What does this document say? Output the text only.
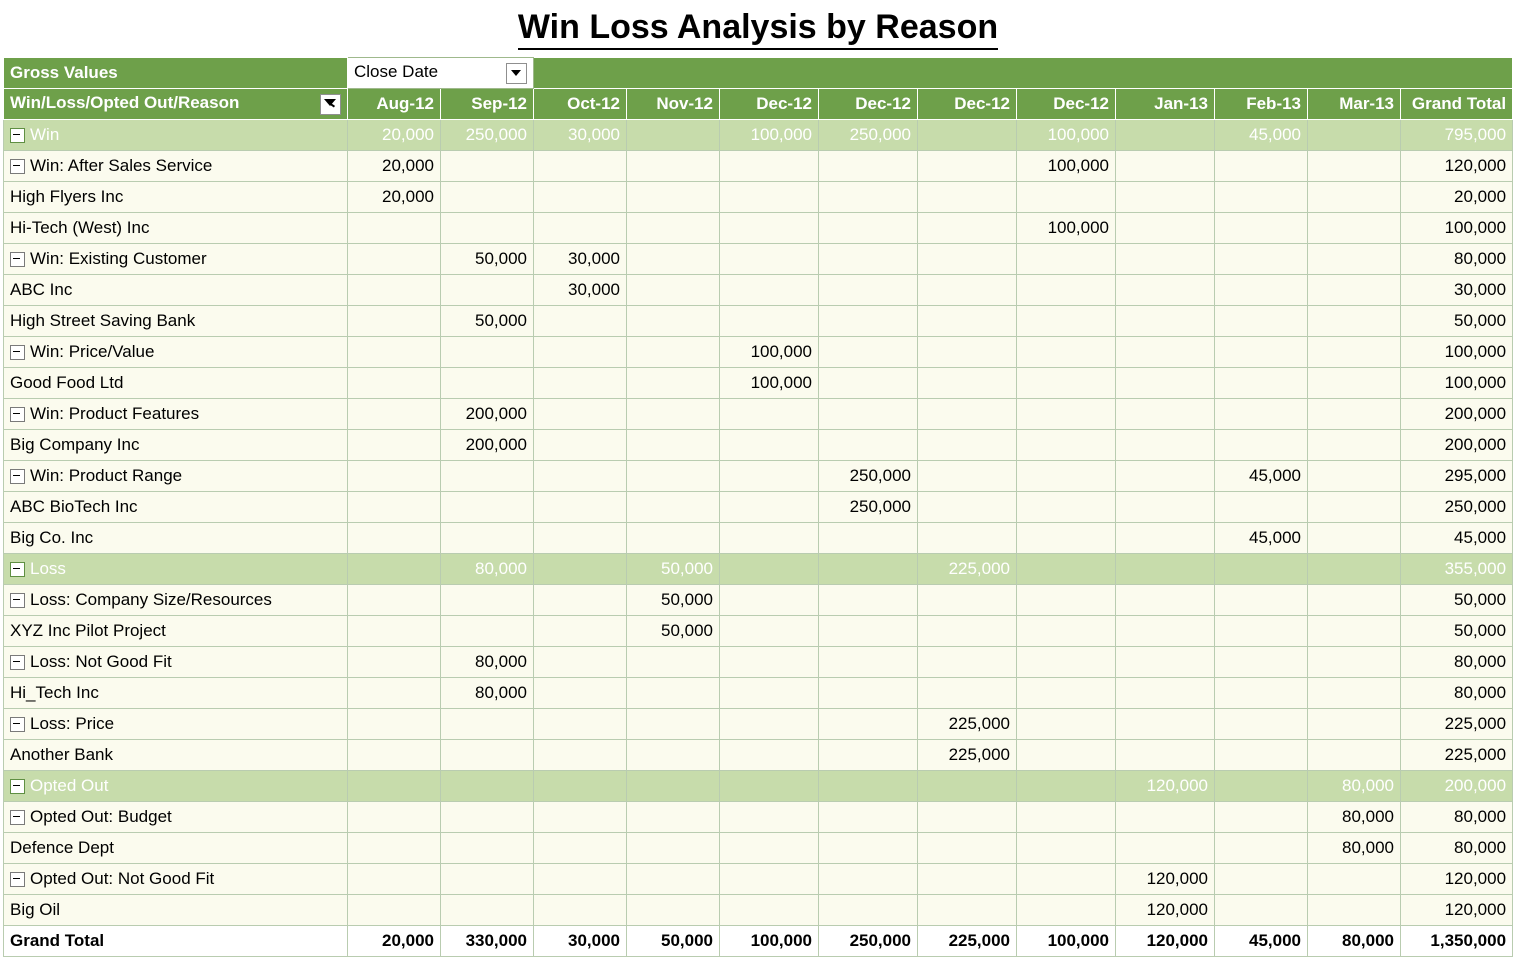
Win Loss Analysis by Reason
Gross Values	Close Date										

Win/Loss/Opted Out/Reason	Aug-12	Sep-12	Oct-12	Nov-12	Dec-12	Dec-12	Dec-12	Dec-12	Jan-13	Feb-13	Mar-13	Grand Total
Win	20,000	250,000	30,000		100,000	250,000		100,000		45,000		795,000
Win: After Sales Service	20,000							100,000				120,000
High Flyers Inc	20,000											20,000
Hi-Tech (West) Inc								100,000				100,000
Win: Existing Customer		50,000	30,000									80,000
ABC Inc			30,000									30,000
High Street Saving Bank		50,000										50,000
Win: Price/Value					100,000							100,000
Good Food Ltd					100,000							100,000
Win: Product Features		200,000										200,000
Big Company Inc		200,000										200,000
Win: Product Range						250,000				45,000		295,000
ABC BioTech Inc						250,000						250,000
Big Co. Inc										45,000		45,000
Loss		80,000		50,000			225,000					355,000
Loss: Company Size/Resources				50,000								50,000
XYZ Inc Pilot Project				50,000								50,000
Loss: Not Good Fit		80,000										80,000
Hi_Tech Inc		80,000										80,000
Loss: Price							225,000					225,000
Another Bank							225,000					225,000
Opted Out									120,000		80,000	200,000
Opted Out: Budget											80,000	80,000
Defence Dept											80,000	80,000
Opted Out: Not Good Fit									120,000			120,000
Big Oil									120,000			120,000
Grand Total	20,000	330,000	30,000	50,000	100,000	250,000	225,000	100,000	120,000	45,000	80,000	1,350,000
